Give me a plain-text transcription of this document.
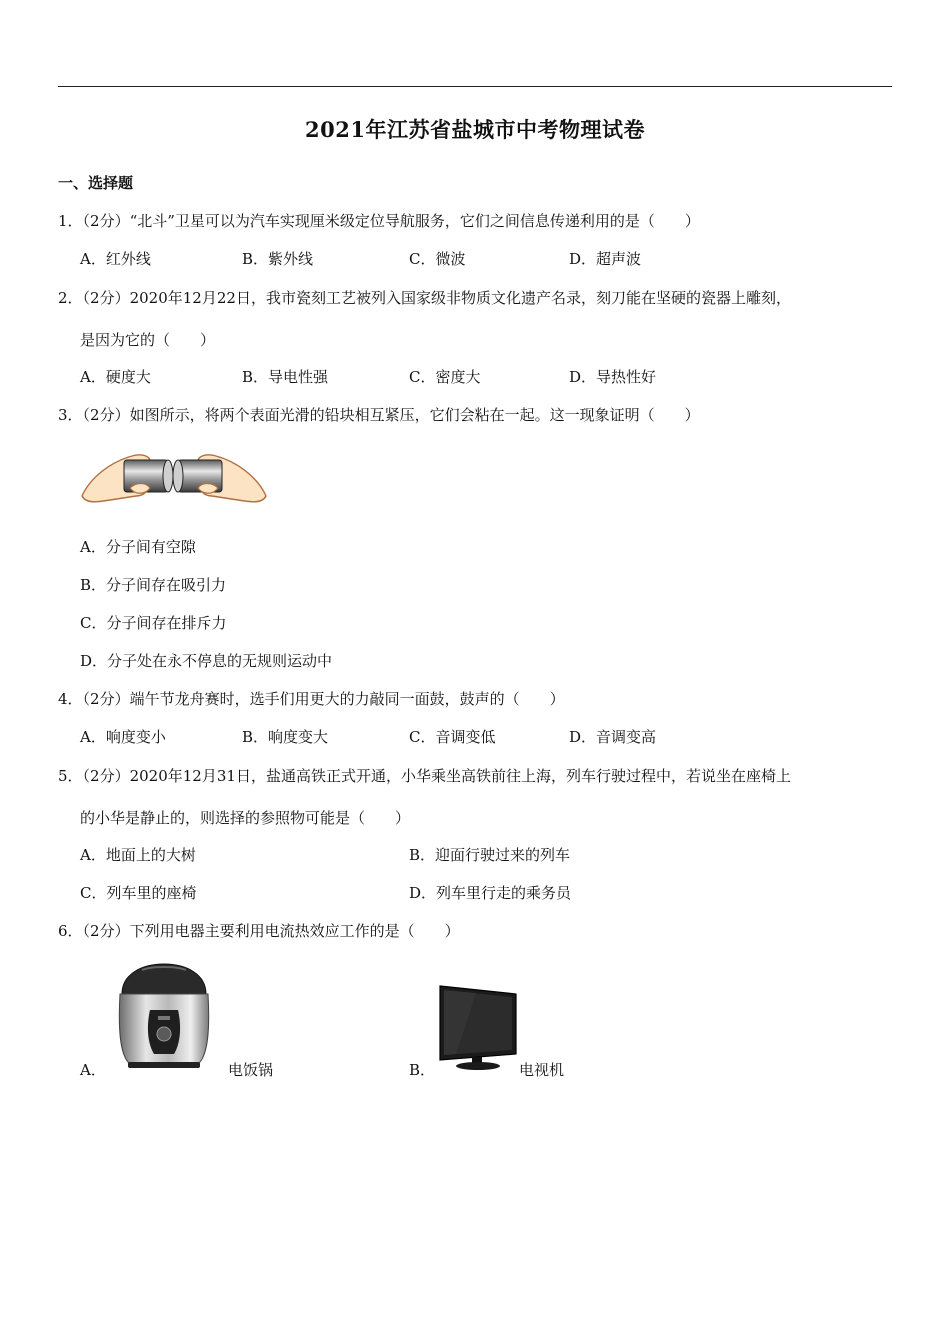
2021年江苏省盐城市中考物理试卷
一、选择题
1．（2分）“北斗”卫星可以为汽车实现厘米级定位导航服务，它们之间信息传递利用的是（　　）
A．红外线	B．紫外线	C．微波	D．超声波
2．（2分）2020年12月22日，我市瓷刻工艺被列入国家级非物质文化遗产名录，刻刀能在坚硬的瓷器上雕刻，
是因为它的（　　）
A．硬度大	B．导电性强	C．密度大	D．导热性好
3．（2分）如图所示，将两个表面光滑的铅块相互紧压，它们会粘在一起。这一现象证明（　　）
A．分子间有空隙
B．分子间存在吸引力
C．分子间存在排斥力
D．分子处在永不停息的无规则运动中
4．（2分）端午节龙舟赛时，选手们用更大的力敲同一面鼓，鼓声的（　　）
A．响度变小	B．响度变大	C．音调变低	D．音调变高
5．（2分）2020年12月31日，盐通高铁正式开通，小华乘坐高铁前往上海，列车行驶过程中，若说坐在座椅上
的小华是静止的，则选择的参照物可能是（　　）
A．地面上的大树	B．迎面行驶过来的列车
C．列车里的座椅	D．列车里行走的乘务员
6．（2分）下列用电器主要利用电流热效应工作的是（　　）
A．	电饭锅	B．	电视机
